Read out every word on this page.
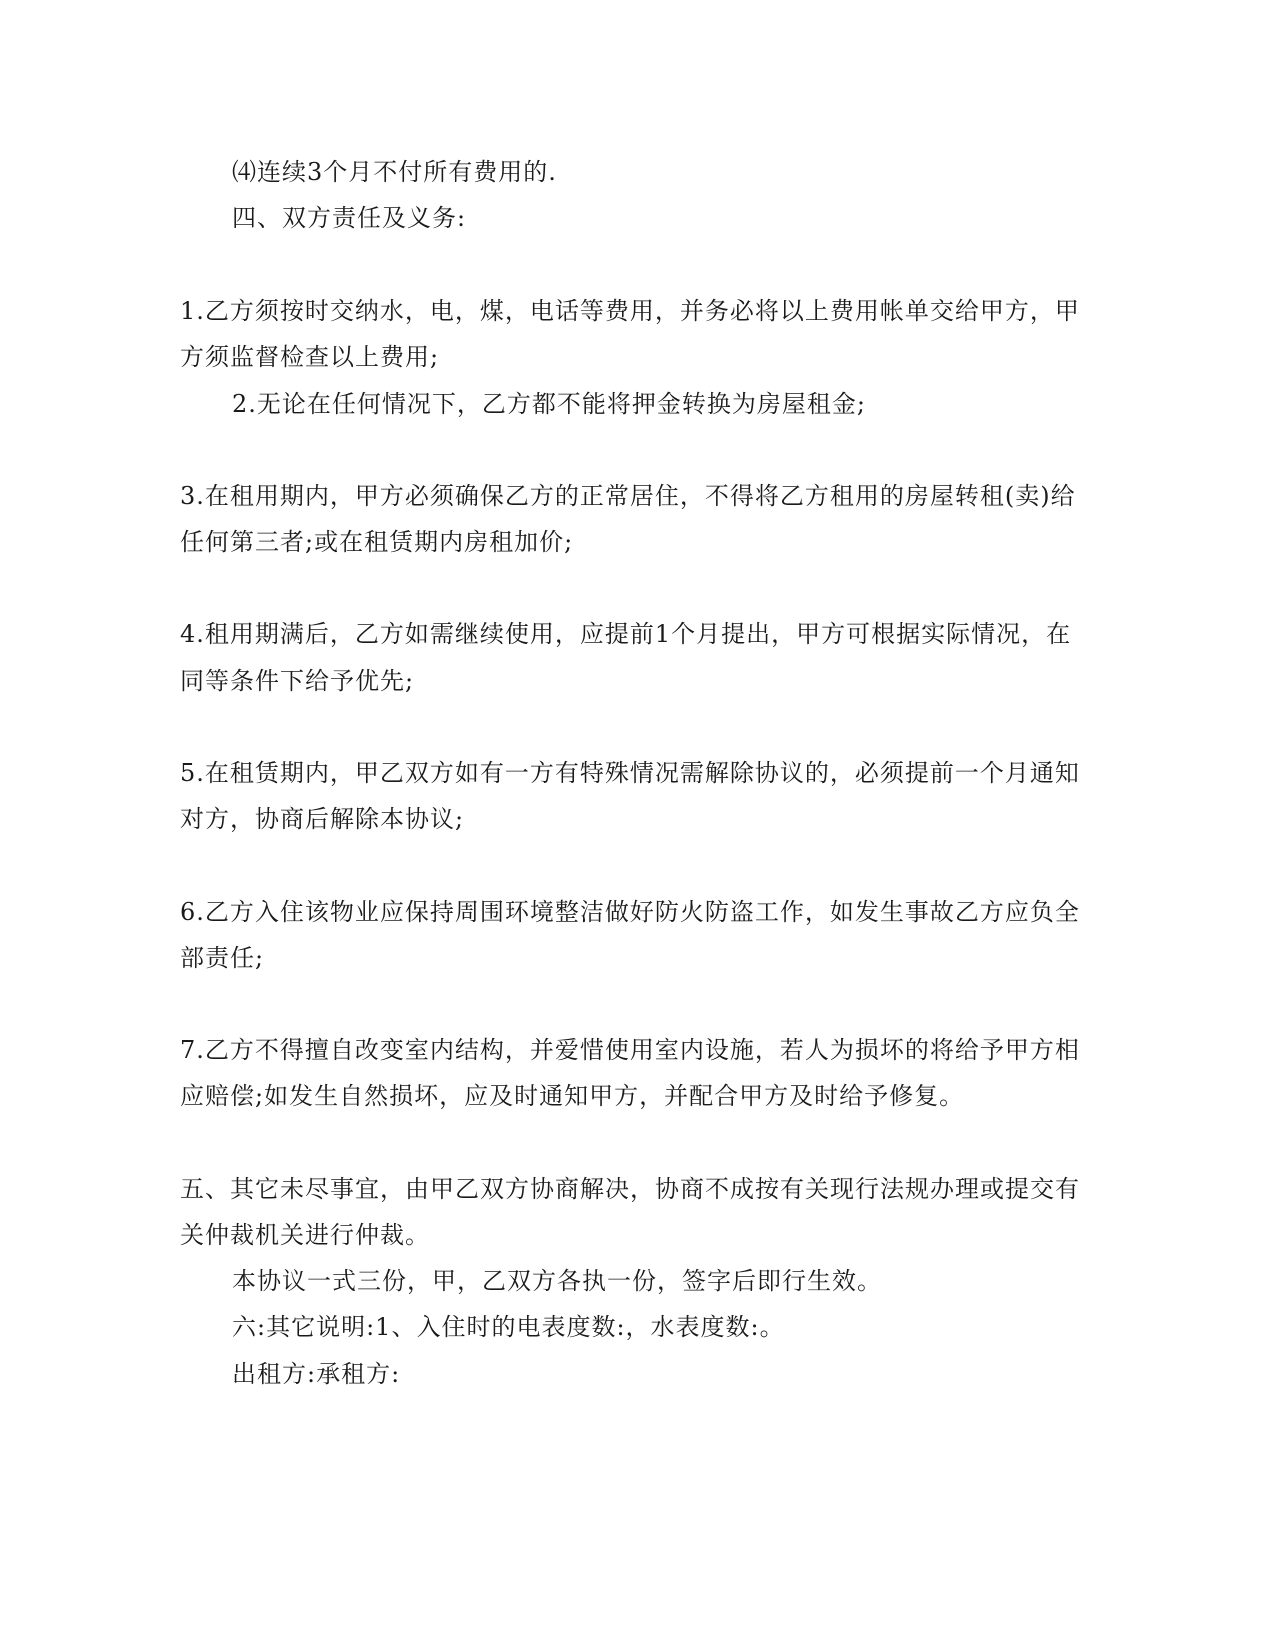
⑷连续3个月不付所有费用的.
四、双方责任及义务:
1.乙方须按时交纳水，电，煤，电话等费用，并务必将以上费用帐单交给甲方，甲
方须监督检查以上费用;
2.无论在任何情况下，乙方都不能将押金转换为房屋租金;
3.在租用期内，甲方必须确保乙方的正常居住，不得将乙方租用的房屋转租(卖)给
任何第三者;或在租赁期内房租加价;
4.租用期满后，乙方如需继续使用，应提前1个月提出，甲方可根据实际情况，在
同等条件下给予优先;
5.在租赁期内，甲乙双方如有一方有特殊情况需解除协议的，必须提前一个月通知
对方，协商后解除本协议;
6.乙方入住该物业应保持周围环境整洁做好防火防盗工作，如发生事故乙方应负全
部责任;
7.乙方不得擅自改变室内结构，并爱惜使用室内设施，若人为损坏的将给予甲方相
应赔偿;如发生自然损坏，应及时通知甲方，并配合甲方及时给予修复。
五、其它未尽事宜，由甲乙双方协商解决，协商不成按有关现行法规办理或提交有
关仲裁机关进行仲裁。
本协议一式三份，甲，乙双方各执一份，签字后即行生效。
六:其它说明:1、入住时的电表度数:，水表度数:。
出租方:承租方:
